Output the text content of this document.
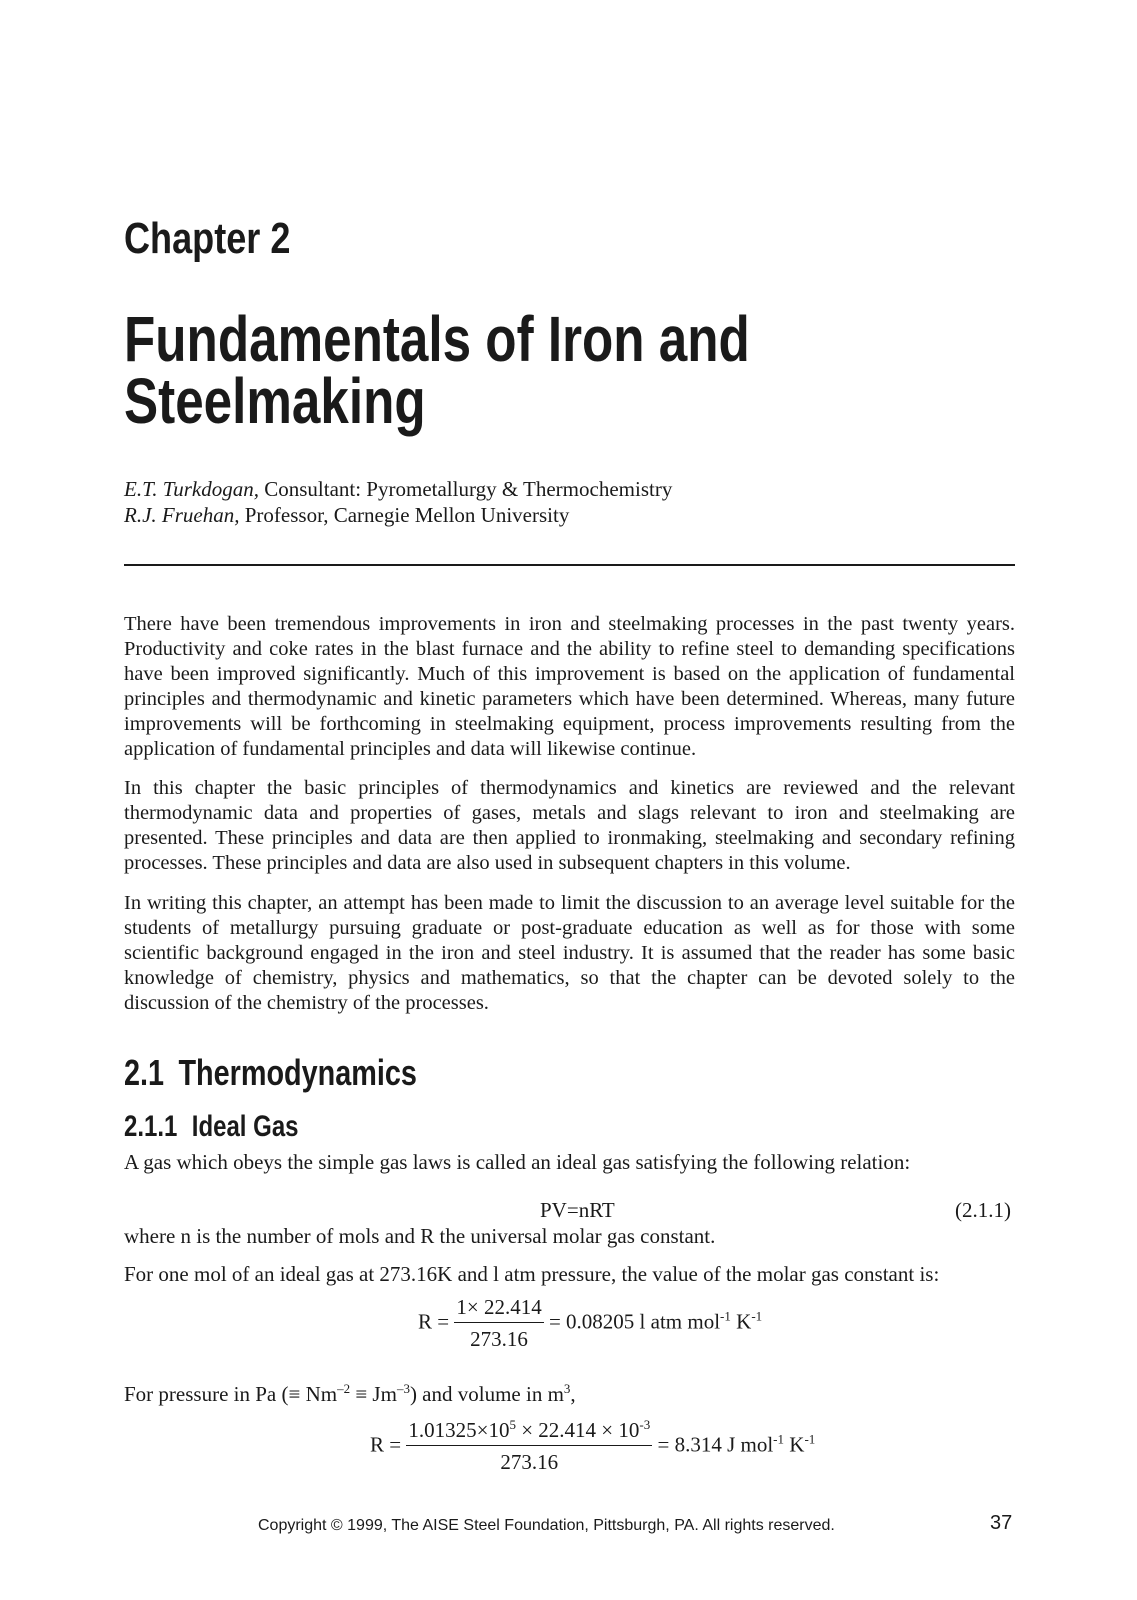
Chapter 2
Fundamentals of Iron and
Steelmaking
E.T. Turkdogan, Consultant: Pyrometallurgy & Thermochemistry
R.J. Fruehan, Professor, Carnegie Mellon University

There have been tremendous improvements in iron and steelmaking processes in the past twenty years. Productivity and coke rates in the blast furnace and the ability to refine steel to demanding specifications have been improved significantly. Much of this improvement is based on the application of fundamental principles and thermodynamic and kinetic parameters which have been determined. Whereas, many future improvements will be forthcoming in steelmaking equipment, process improvements resulting from the application of fundamental principles and data will likewise continue.

In this chapter the basic principles of thermodynamics and kinetics are reviewed and the relevant thermodynamic data and properties of gases, metals and slags relevant to iron and steelmaking are presented. These principles and data are then applied to ironmaking, steelmaking and secondary refining processes. These principles and data are also used in subsequent chapters in this volume.

In writing this chapter, an attempt has been made to limit the discussion to an average level suitable for the students of metallurgy pursuing graduate or post-graduate education as well as for those with some scientific background engaged in the iron and steel industry. It is assumed that the reader has some basic knowledge of chemistry, physics and mathematics, so that the chapter can be devoted solely to the discussion of the chemistry of the processes.

2.1 Thermodynamics
2.1.1 Ideal Gas
A gas which obeys the simple gas laws is called an ideal gas satisfying the following relation:
PV=nRT	(2.1.1)
where n is the number of mols and R the universal molar gas constant.
For one mol of an ideal gas at 273.16K and l atm pressure, the value of the molar gas constant is:
$R = \frac{1\times 22.414}{273.16} = 0.08205$ l atm mol$^{-1}$ $K^{-1}$
For pressure in Pa (≡ $Nm^{-2} \equiv Jm^{-3}$) and volume in $m^3$,
$R = \frac{1.01325\times 10^5 \times 22.414 \times 10^{-3}}{273.16} = 8.314$ J mol$^{-1}$ $K^{-1}$
Copyright © 1999, The AISE Steel Foundation, Pittsburgh, PA. All rights reserved.	37
